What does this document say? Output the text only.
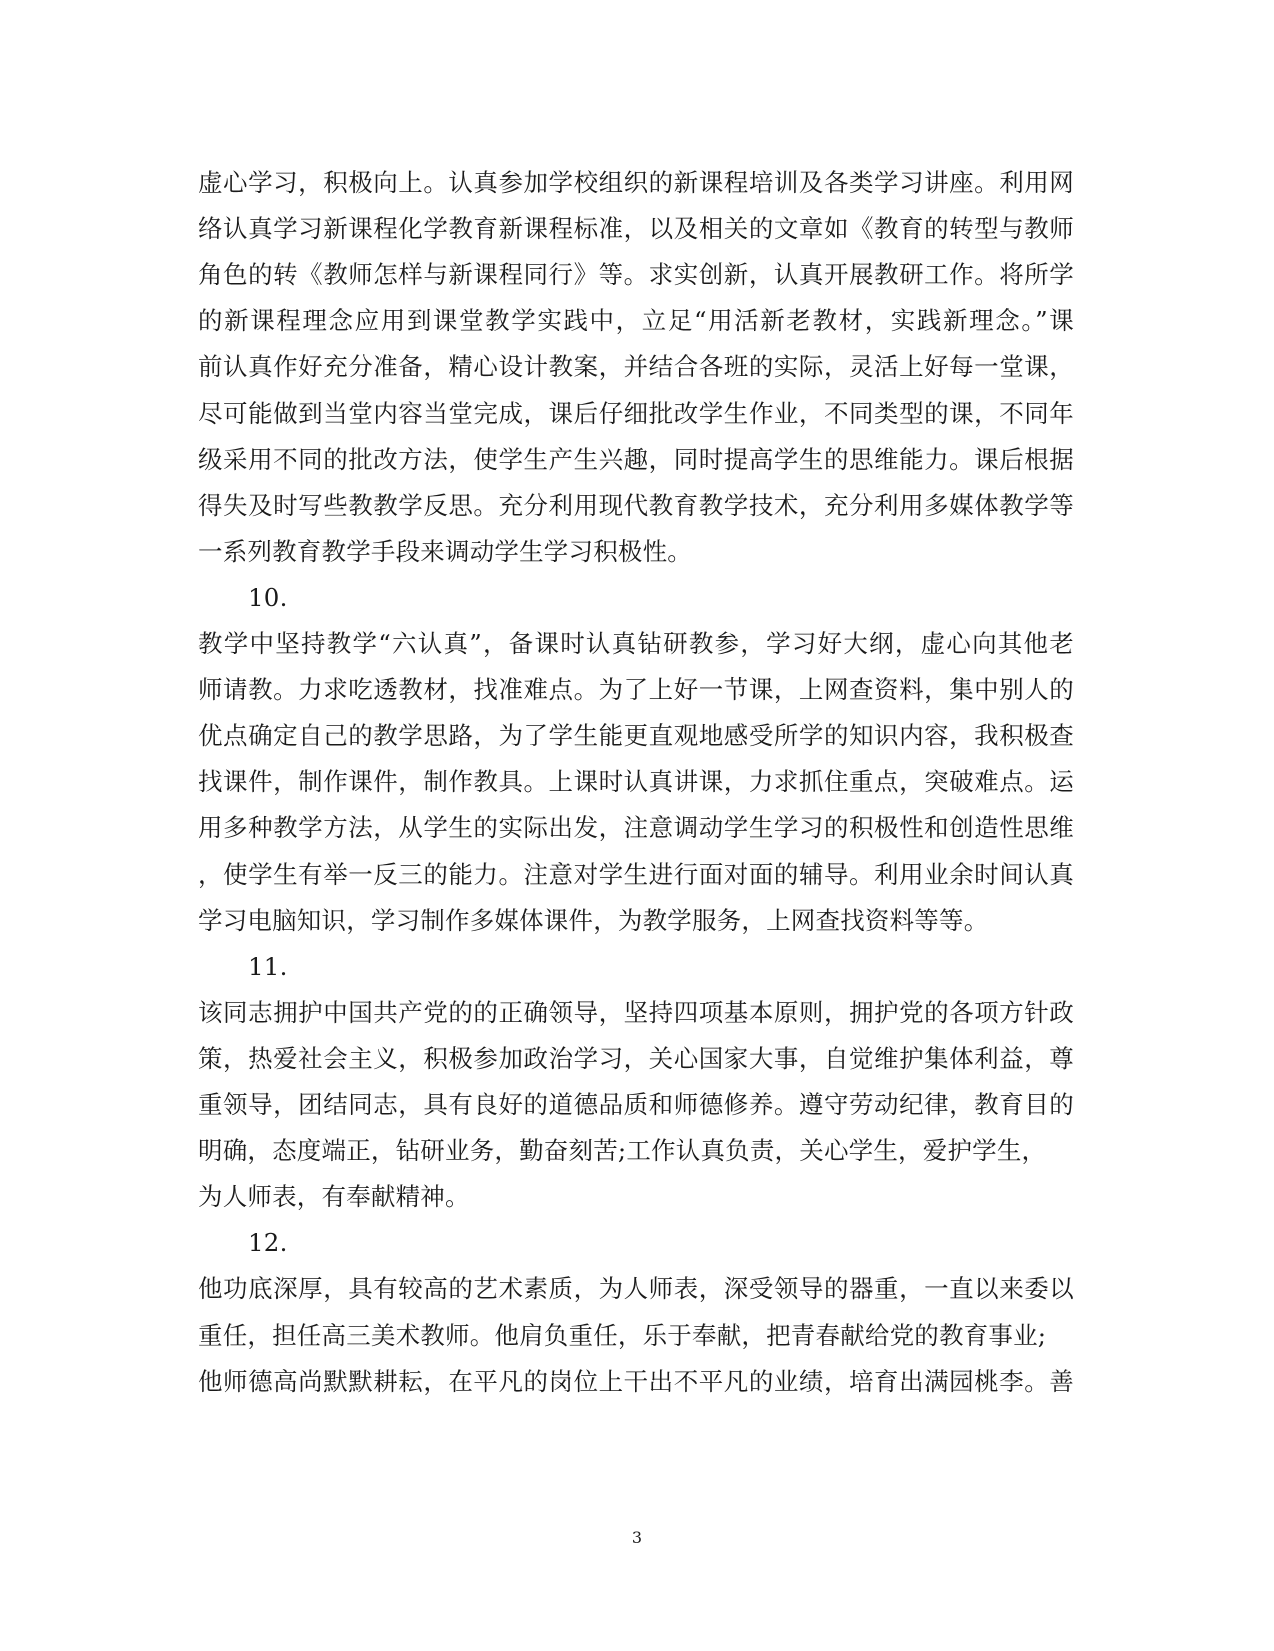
虚心学习，积极向上。认真参加学校组织的新课程培训及各类学习讲座。利用网
络认真学习新课程化学教育新课程标准，以及相关的文章如《教育的转型与教师
角色的转《教师怎样与新课程同行》等。求实创新，认真开展教研工作。将所学
的新课程理念应用到课堂教学实践中，立足“用活新老教材，实践新理念。”课
前认真作好充分准备，精心设计教案，并结合各班的实际，灵活上好每一堂课，
尽可能做到当堂内容当堂完成，课后仔细批改学生作业，不同类型的课，不同年
级采用不同的批改方法，使学生产生兴趣，同时提高学生的思维能力。课后根据
得失及时写些教教学反思。充分利用现代教育教学技术，充分利用多媒体教学等
一系列教育教学手段来调动学生学习积极性。
10.
教学中坚持教学“六认真”，备课时认真钻研教参，学习好大纲，虚心向其他老
师请教。力求吃透教材，找准难点。为了上好一节课，上网查资料，集中别人的
优点确定自己的教学思路，为了学生能更直观地感受所学的知识内容，我积极查
找课件，制作课件，制作教具。上课时认真讲课，力求抓住重点，突破难点。运
用多种教学方法，从学生的实际出发，注意调动学生学习的积极性和创造性思维
，使学生有举一反三的能力。注意对学生进行面对面的辅导。利用业余时间认真
学习电脑知识，学习制作多媒体课件，为教学服务，上网查找资料等等。
11.
该同志拥护中国共产党的的正确领导，坚持四项基本原则，拥护党的各项方针政
策，热爱社会主义，积极参加政治学习，关心国家大事，自觉维护集体利益，尊
重领导，团结同志，具有良好的道德品质和师德修养。遵守劳动纪律，教育目的
明确，态度端正，钻研业务，勤奋刻苦;工作认真负责，关心学生，爱护学生，
为人师表，有奉献精神。
12.
他功底深厚，具有较高的艺术素质，为人师表，深受领导的器重，一直以来委以
重任，担任高三美术教师。他肩负重任，乐于奉献，把青春献给党的教育事业;
他师德高尚默默耕耘，在平凡的岗位上干出不平凡的业绩，培育出满园桃李。善
3
